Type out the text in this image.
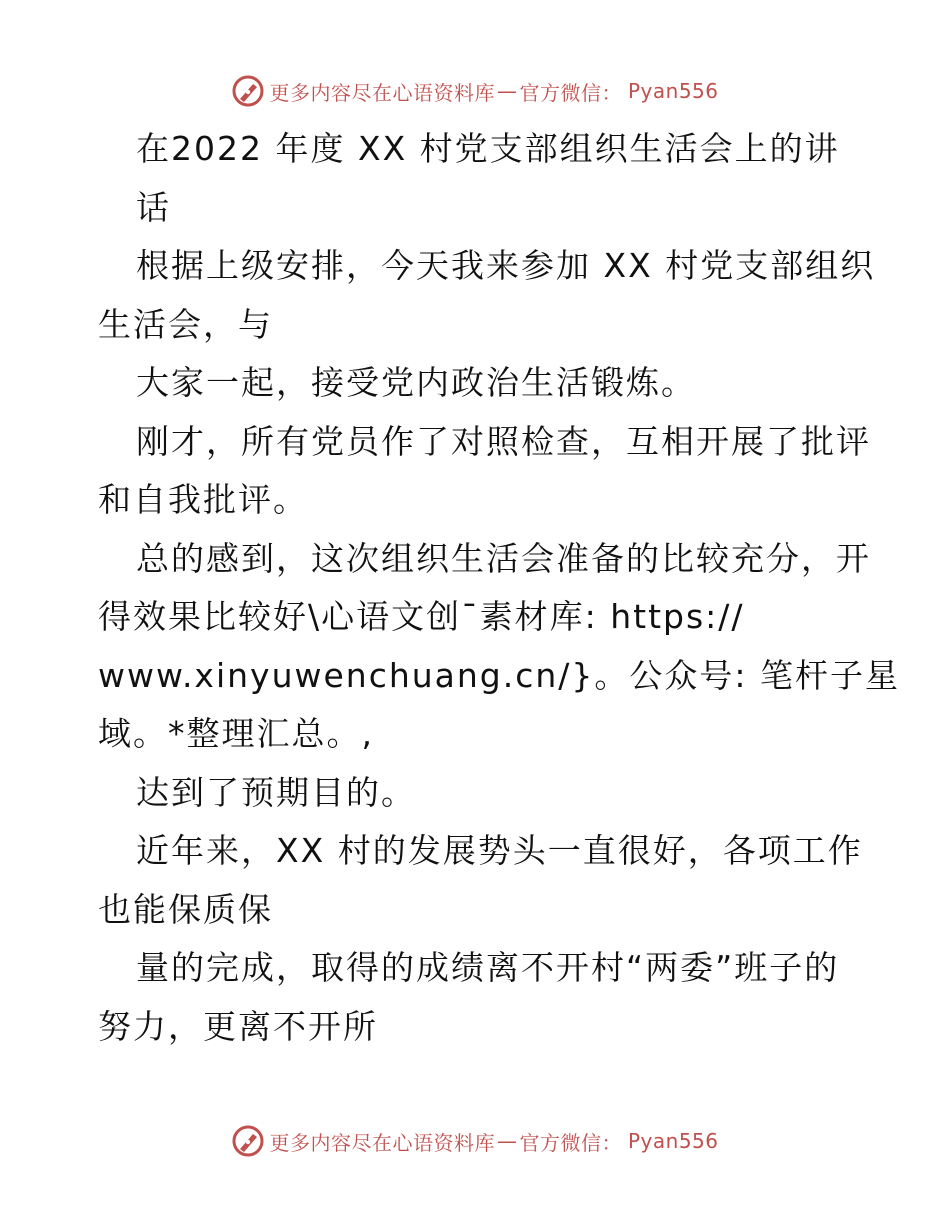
更多内容尽在心语资料库 — 官方微信： Pyan556
在2022 年度 XX 村党支部组织生活会上的讲
话
根据上级安排，今天我来参加 XX 村党支部组织
生活会，与
大家一起，接受党内政治生活锻炼。
刚才，所有党员作了对照检查，互相开展了批评
和自我批评。
总的感到，这次组织生活会准备的比较充分，开
得效果比较好\心语文创¯素材库: https://
www.xinyuwenchuang.cn/}。公众号: 笔杆子星
域。*整理汇总。,
达到了预期目的。
近年来，XX 村的发展势头一直很好，各项工作
也能保质保
量的完成，取得的成绩离不开村“两委”班子的
努力，更离不开所
更多内容尽在心语资料库 — 官方微信： Pyan556
